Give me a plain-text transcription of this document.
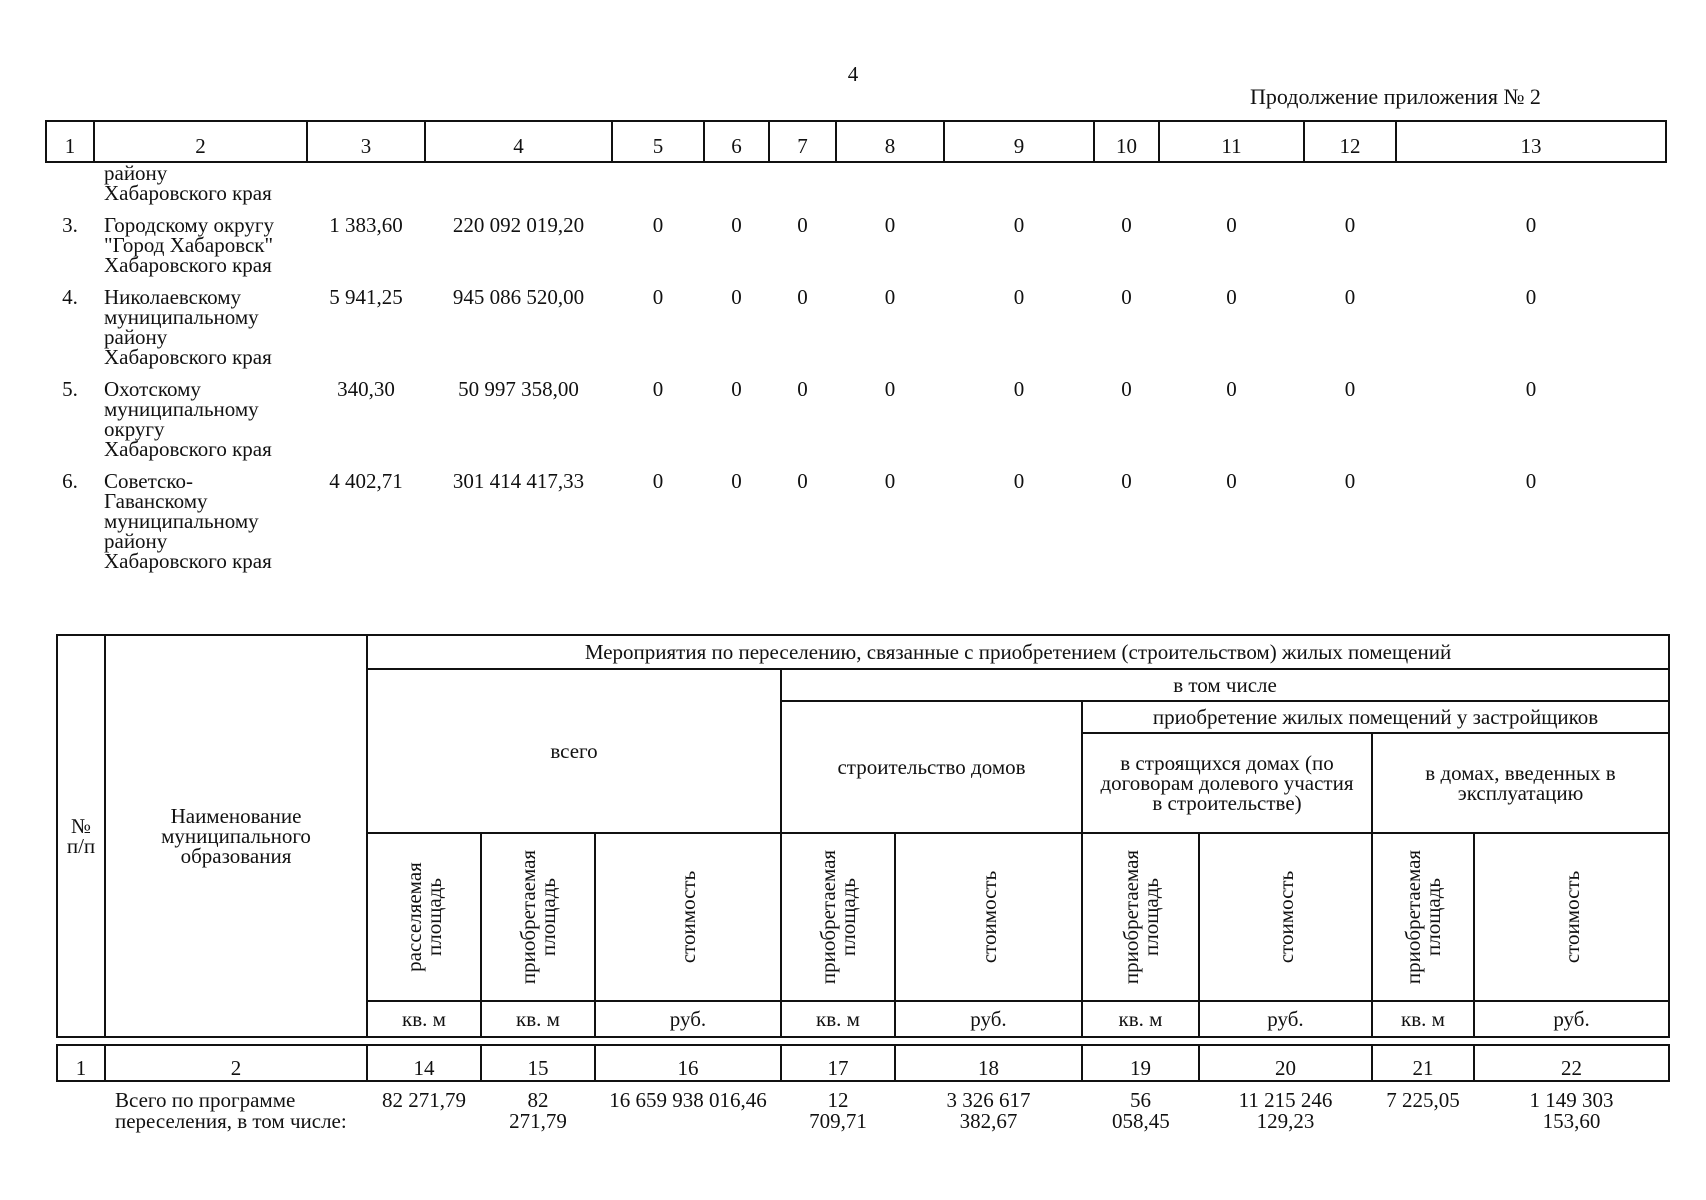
4
Продолжение приложения № 2
1	2	3	4	5	6	7	8	9	10	11	12	13

	району
Хабаровского края											

3.	Городскому округу
"Город Хабаровск"
Хабаровского края	1 383,60	220 092 019,20	0	0	0	0	0	0	0	0	0
4.	Николаевскому
муниципальному
району
Хабаровского края	5 941,25	945 086 520,00	0	0	0	0	0	0	0	0	0
5.	Охотскому
муниципальному
округу
Хабаровского края	340,30	50 997 358,00	0	0	0	0	0	0	0	0	0
6.	Советско-
Гаванскому
муниципальному
району
Хабаровского края	4 402,71	301 414 417,33	0	0	0	0	0	0	0	0	0
№ п/п	Наименование муниципального образования	Мероприятия по переселению, связанные с приобретением (строительством) жилых помещений								
		всего			в том числе					
					строительство домов		приобретение жилых помещений у застройщиков			
							в строящихся домах (по договорам долевого участия в строительстве)		в домах, введенных в эксплуатацию	

		расселяемая площадь	приобретаемая площадь	стоимость	приобретаемая площадь	стоимость	приобретаемая площадь	стоимость	приобретаемая площадь	стоимость

		кв. м	кв. м	руб.	кв. м	руб.	кв. м	руб.	кв. м	руб.

1	2	14	15	16	17	18	19	20	21	22
	Всего по программе переселения, в том числе:	82 271,79	82 271,79	16 659 938 016,46	12 709,71	3 326 617 382,67	56 058,45	11 215 246 129,23	7 225,05	1 149 303 153,60
